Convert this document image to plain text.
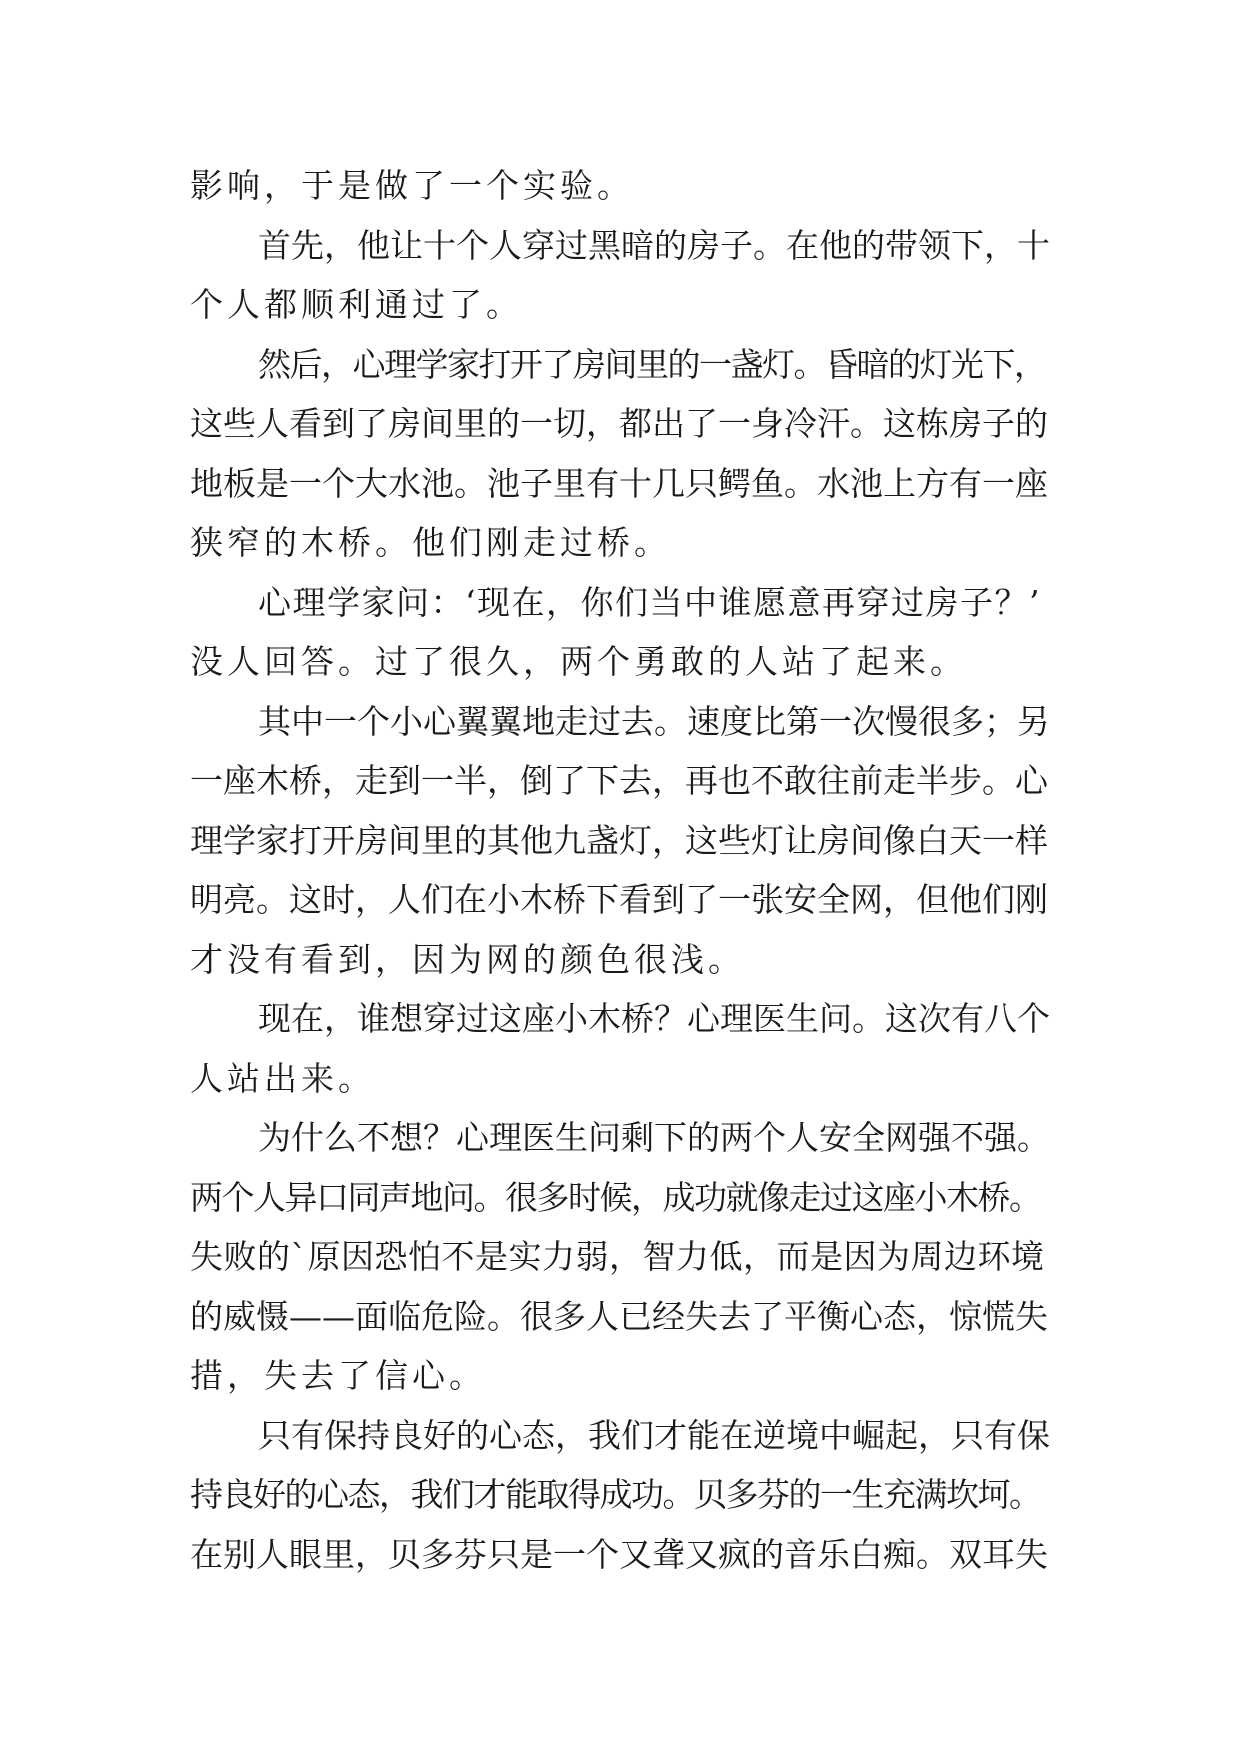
影响，于是做了一个实验。
首先，他让十个人穿过黑暗的房子。在他的带领下，十
个人都顺利通过了。
然后，心理学家打开了房间里的一盏灯。昏暗的灯光下，
这些人看到了房间里的一切，都出了一身冷汗。这栋房子的
地板是一个大水池。池子里有十几只鳄鱼。水池上方有一座
狭窄的木桥。他们刚走过桥。
心理学家问：‘现在，你们当中谁愿意再穿过房子？’
没人回答。过了很久，两个勇敢的人站了起来。
其中一个小心翼翼地走过去。速度比第一次慢很多；另
一座木桥，走到一半，倒了下去，再也不敢往前走半步。心
理学家打开房间里的其他九盏灯，这些灯让房间像白天一样
明亮。这时，人们在小木桥下看到了一张安全网，但他们刚
才没有看到，因为网的颜色很浅。
现在，谁想穿过这座小木桥？心理医生问。这次有八个
人站出来。
为什么不想？心理医生问剩下的两个人安全网强不强。
两个人异口同声地问。很多时候，成功就像走过这座小木桥。
失败的`原因恐怕不是实力弱，智力低，而是因为周边环境
的威慑——面临危险。很多人已经失去了平衡心态，惊慌失
措，失去了信心。
只有保持良好的心态，我们才能在逆境中崛起，只有保
持良好的心态，我们才能取得成功。贝多芬的一生充满坎坷。
在别人眼里，贝多芬只是一个又聋又疯的音乐白痴。双耳失
